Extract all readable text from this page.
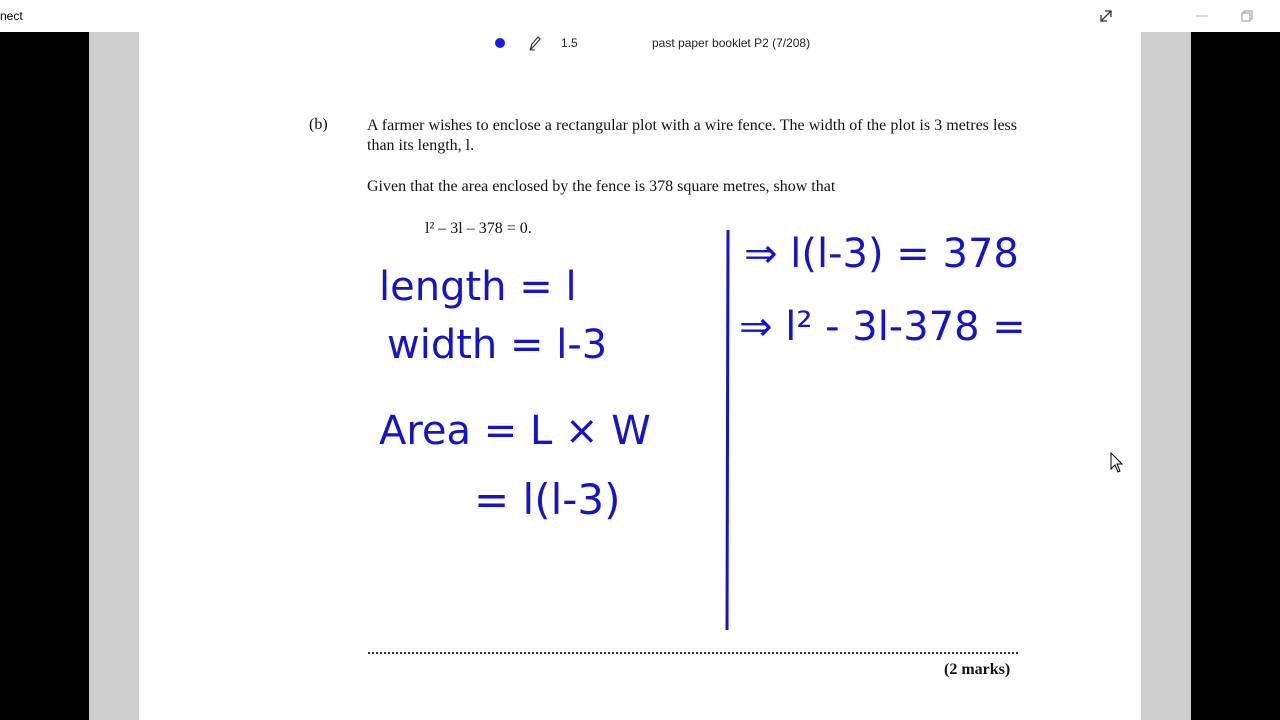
nect
1.5	past paper booklet P2 (7/208)
(b) A farmer wishes to enclose a rectangular plot with a wire fence. The width of the plot is 3 metres less than its length, l.
Given that the area enclosed by the fence is 378 square metres, show that
l² – 3l – 378 = 0.
length = l
width = l-3
Area = L × W
= l(l-3)
⇒ l(l-3) = 378
⇒ l² - 3l-378 =
(2 marks)
